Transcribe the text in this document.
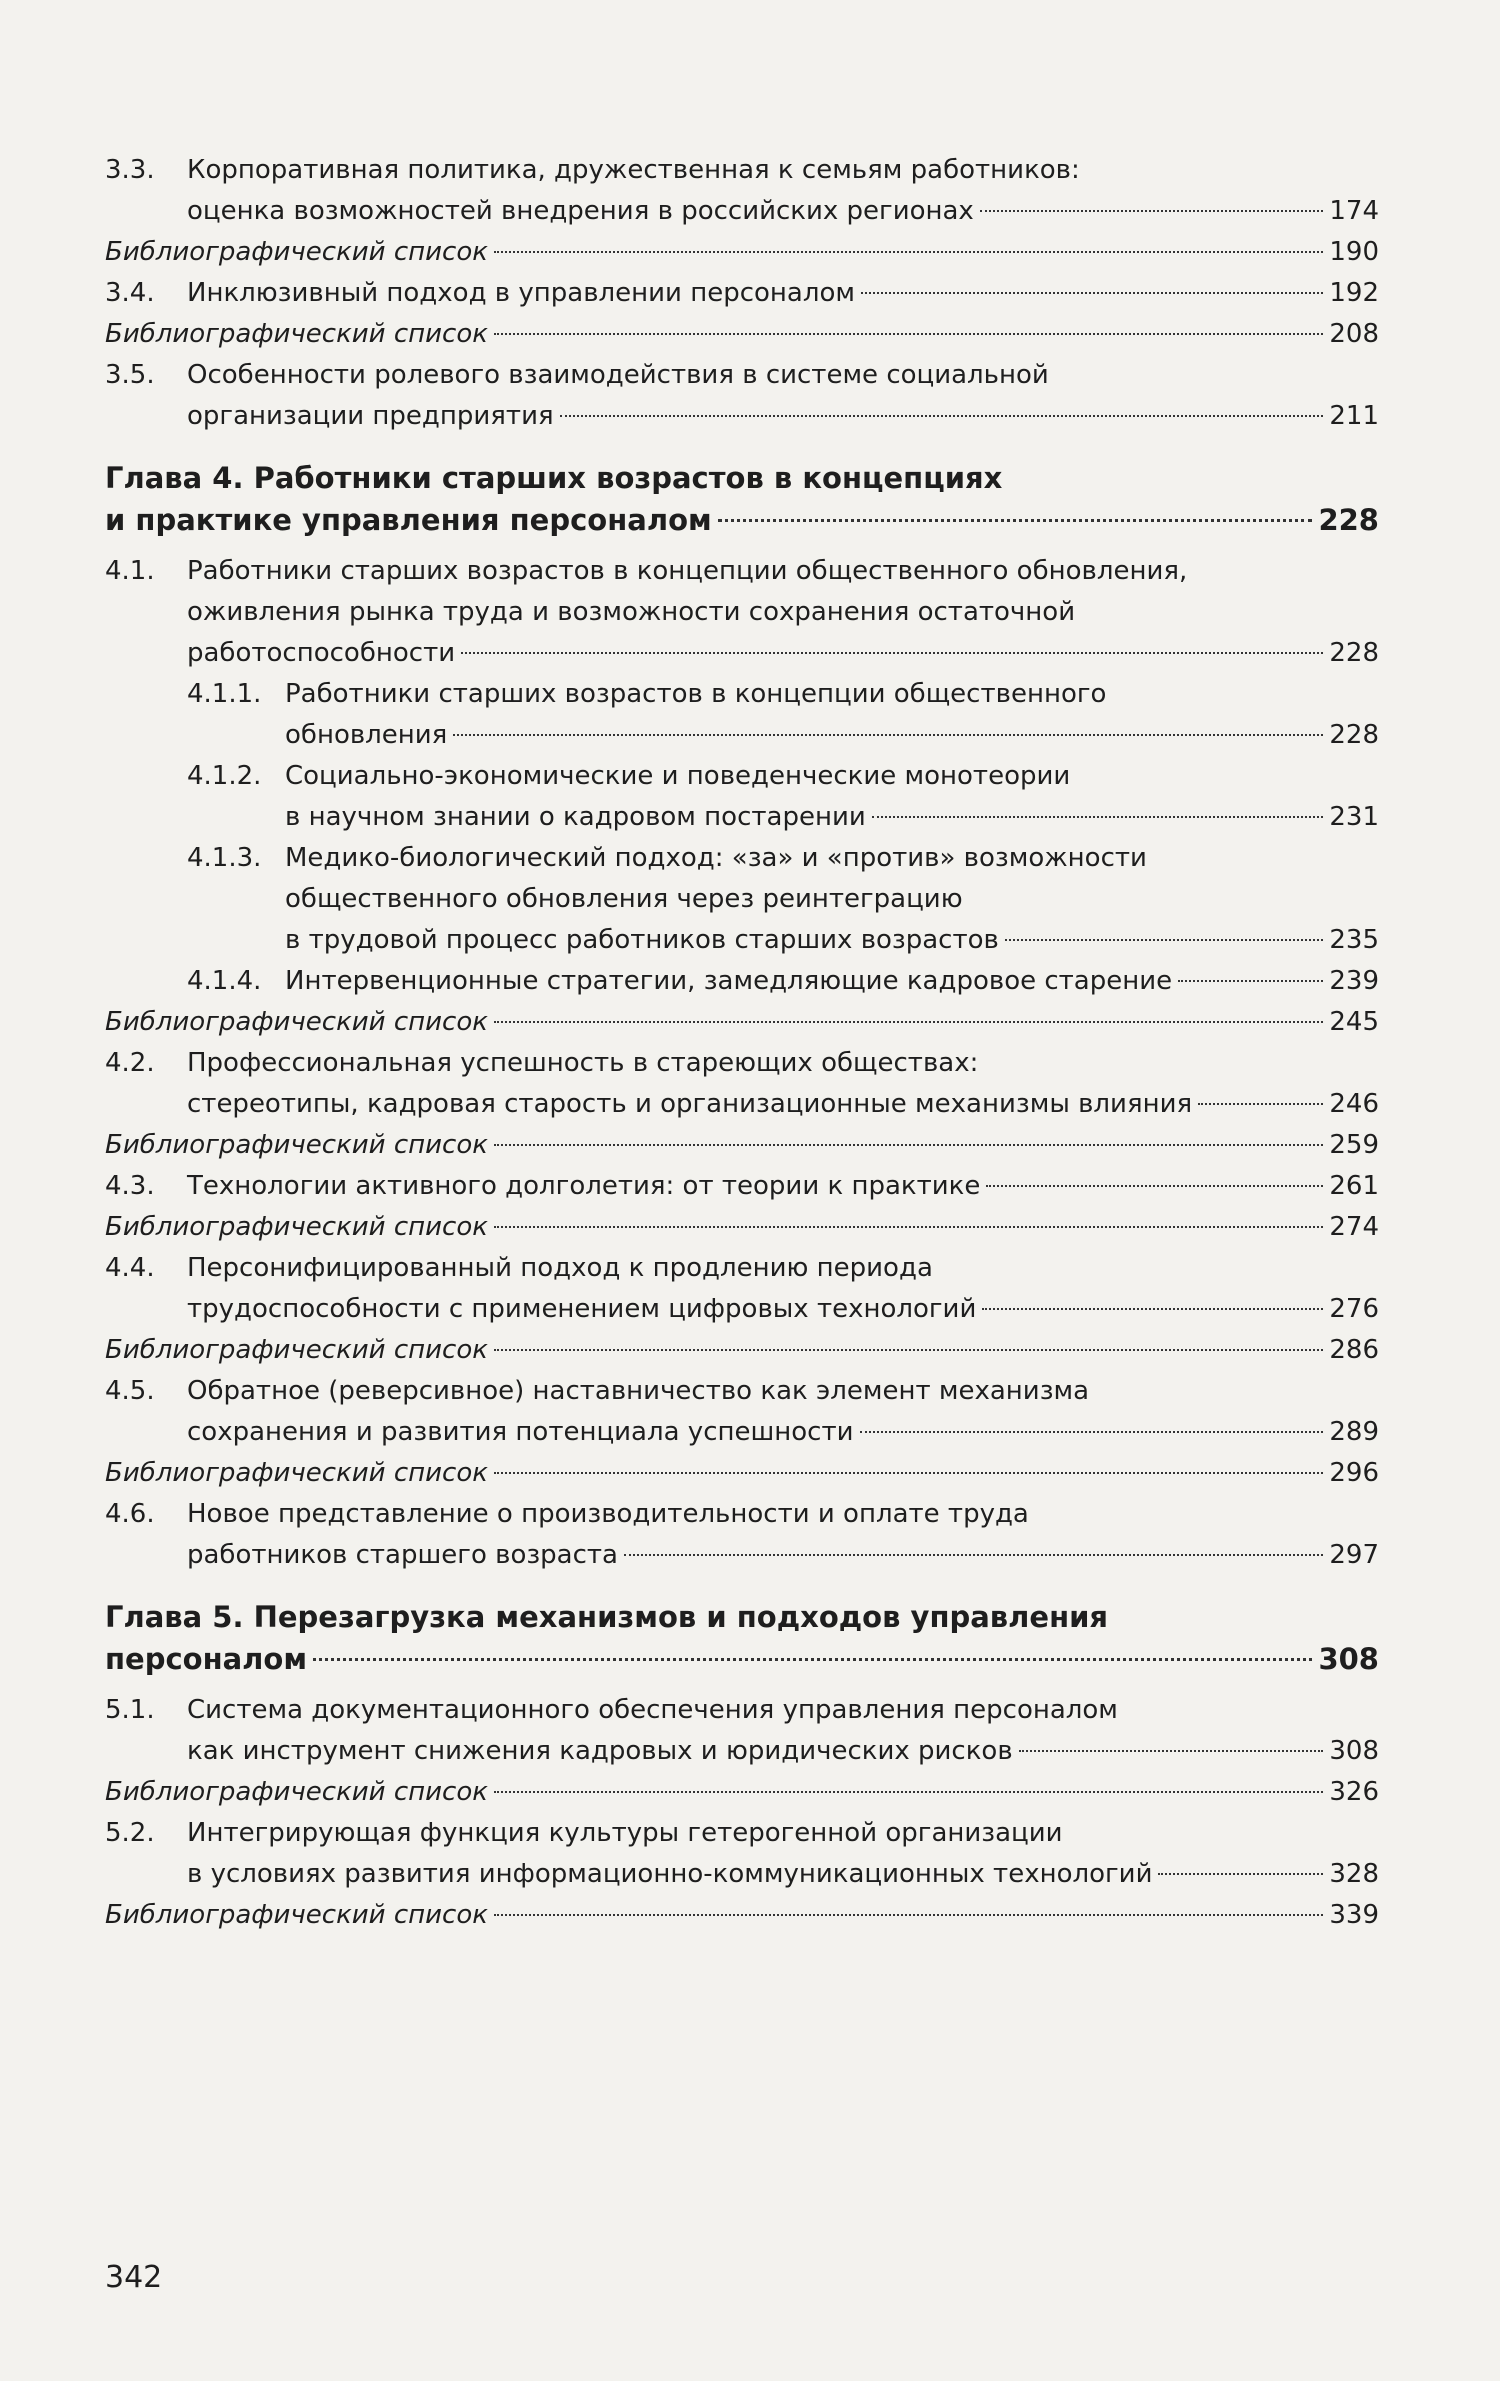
3.3. Корпоративная политика, дружественная к семьям работников:
оценка возможностей внедрения в российских регионах	174
Библиографический список	190
3.4. Инклюзивный подход в управлении персоналом	192
Библиографический список	208
3.5. Особенности ролевого взаимодействия в системе социальной
организации предприятия	211
Глава 4. Работники старших возрастов в концепциях
и практике управления персоналом	228
4.1. Работники старших возрастов в концепции общественного обновления,
оживления рынка труда и возможности сохранения остаточной
работоспособности	228
4.1.1. Работники старших возрастов в концепции общественного
обновления	228
4.1.2. Социально-экономические и поведенческие монотеории
в научном знании о кадровом постарении	231
4.1.3. Медико-биологический подход: «за» и «против» возможности
общественного обновления через реинтеграцию
в трудовой процесс работников старших возрастов	235
4.1.4. Интервенционные стратегии, замедляющие кадровое старение	239
Библиографический список	245
4.2. Профессиональная успешность в стареющих обществах:
стереотипы, кадровая старость и организационные механизмы влияния	246
Библиографический список	259
4.3. Технологии активного долголетия: от теории к практике	261
Библиографический список	274
4.4. Персонифицированный подход к продлению периода
трудоспособности с применением цифровых технологий	276
Библиографический список	286
4.5. Обратное (реверсивное) наставничество как элемент механизма
сохранения и развития потенциала успешности	289
Библиографический список	296
4.6. Новое представление о производительности и оплате труда
работников старшего возраста	297
Глава 5. Перезагрузка механизмов и подходов управления
персоналом	308
5.1. Система документационного обеспечения управления персоналом
как инструмент снижения кадровых и юридических рисков	308
Библиографический список	326
5.2. Интегрирующая функция культуры гетерогенной организации
в условиях развития информационно-коммуникационных технологий	328
Библиографический список	339
342
